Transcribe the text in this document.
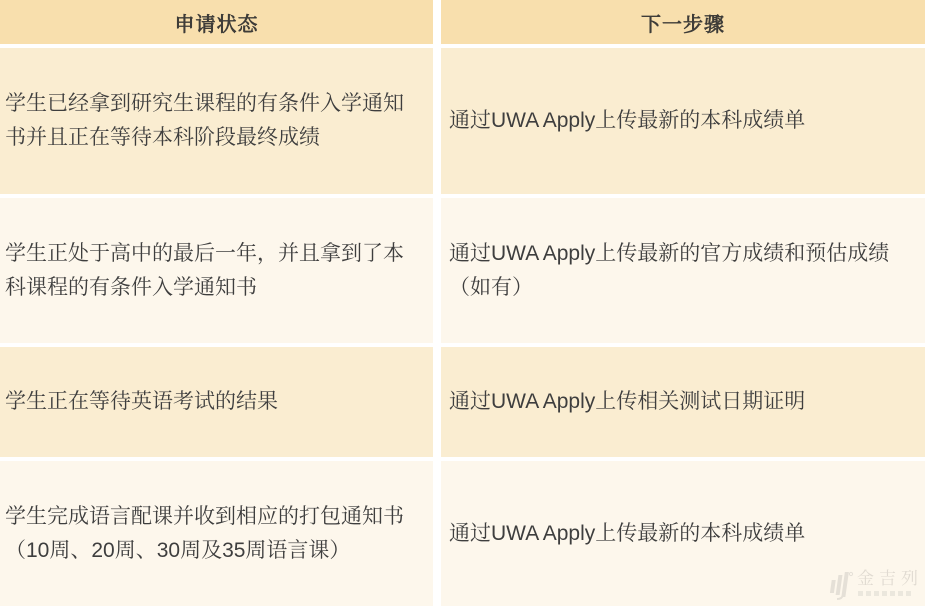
申请状态	下一步骤
学生已经拿到研究生课程的有条件入学通知书并且正在等待本科阶段最终成绩
通过UWA Apply上传最新的本科成绩单
学生正处于高中的最后一年，并且拿到了本科课程的有条件入学通知书
通过UWA Apply上传最新的官方成绩和预估成绩（如有）
学生正在等待英语考试的结果	通过UWA Apply上传相关测试日期证明
学生完成语言配课并收到相应的打包通知书（10周、20周、30周及35周语言课）
通过UWA Apply上传最新的本科成绩单
金吉列
